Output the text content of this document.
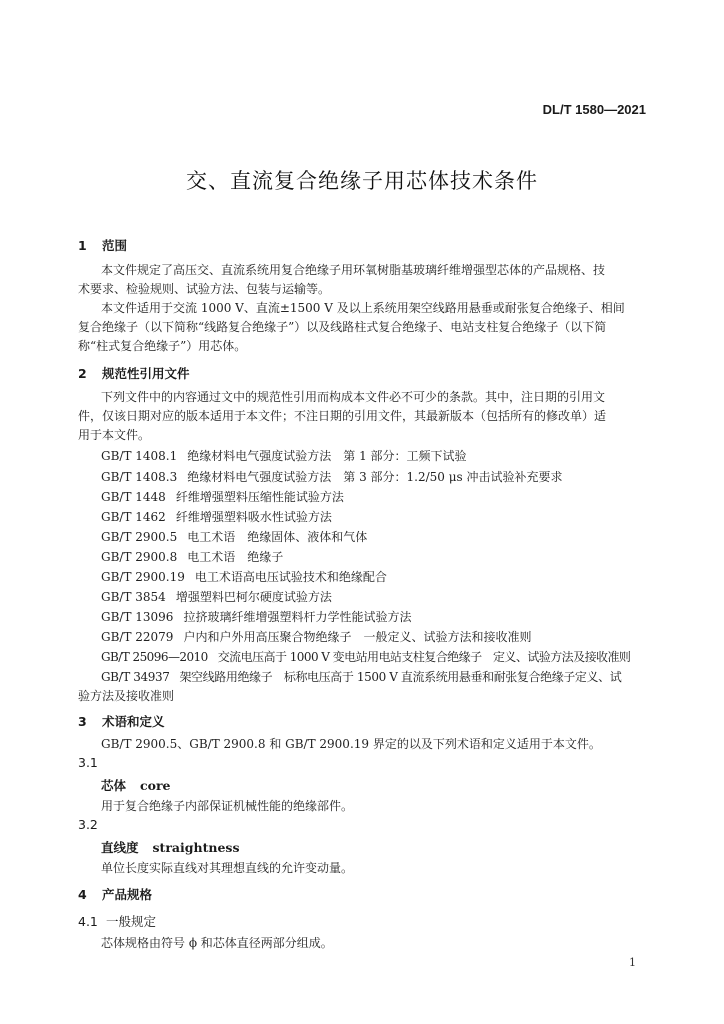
DL/T 1580—2021
交、直流复合绝缘子用芯体技术条件
1 范围
本文件规定了高压交、直流系统用复合绝缘子用环氧树脂基玻璃纤维增强型芯体的产品规格、技
术要求、检验规则、试验方法、包装与运输等。
本文件适用于交流 1000 V、直流±1500 V 及以上系统用架空线路用悬垂或耐张复合绝缘子、相间
复合绝缘子（以下简称“线路复合绝缘子”）以及线路柱式复合绝缘子、电站支柱复合绝缘子（以下简
称“柱式复合绝缘子”）用芯体。
2 规范性引用文件
下列文件中的内容通过文中的规范性引用而构成本文件必不可少的条款。其中，注日期的引用文
件，仅该日期对应的版本适用于本文件；不注日期的引用文件，其最新版本（包括所有的修改单）适
用于本文件。
GB/T 1408.1 绝缘材料电气强度试验方法　第 1 部分：工频下试验
GB/T 1408.3 绝缘材料电气强度试验方法　第 3 部分：1.2/50 μs 冲击试验补充要求
GB/T 1448 纤维增强塑料压缩性能试验方法
GB/T 1462 纤维增强塑料吸水性试验方法
GB/T 2900.5 电工术语　绝缘固体、液体和气体
GB/T 2900.8 电工术语　绝缘子
GB/T 2900.19 电工术语高电压试验技术和绝缘配合
GB/T 3854 增强塑料巴柯尔硬度试验方法
GB/T 13096 拉挤玻璃纤维增强塑料杆力学性能试验方法
GB/T 22079 户内和户外用高压聚合物绝缘子　一般定义、试验方法和接收准则
GB/T 25096—2010 交流电压高于 1000 V 变电站用电站支柱复合绝缘子　定义、试验方法及接收准则
GB/T 34937 架空线路用绝缘子　标称电压高于 1500 V 直流系统用悬垂和耐张复合绝缘子定义、试
验方法及接收准则
3 术语和定义
GB/T 2900.5、GB/T 2900.8 和 GB/T 2900.19 界定的以及下列术语和定义适用于本文件。
3.1
芯体 core
用于复合绝缘子内部保证机械性能的绝缘部件。
3.2
直线度 straightness
单位长度实际直线对其理想直线的允许变动量。
4 产品规格
4.1 一般规定
芯体规格由符号 ϕ 和芯体直径两部分组成。
1
